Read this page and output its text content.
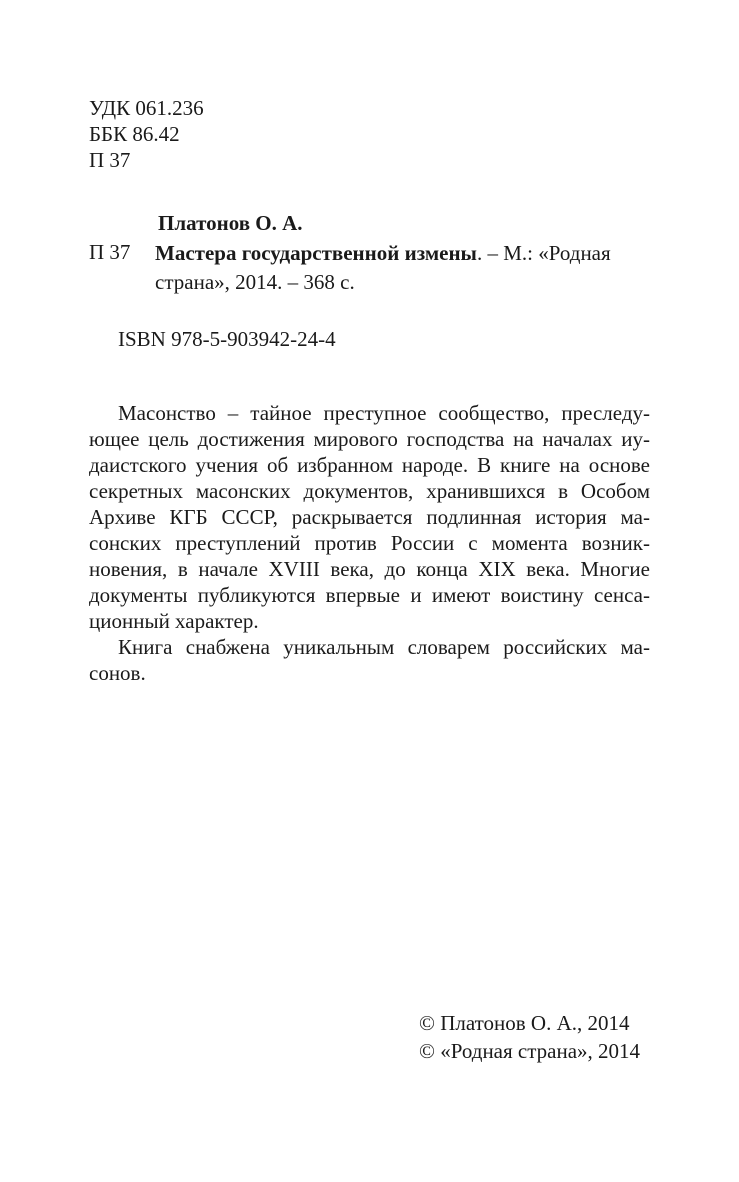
УДК 061.236
ББК 86.42
П 37
Платонов О. А.
П 37 Мастера государственной измены. – М.: «Родная
страна», 2014. – 368 с.
ISBN 978-5-903942-24-4
Масонство – тайное преступное сообщество, преследу-
ющее цель достижения мирового господства на началах иу-
даистского учения об избранном народе. В книге на основе
секретных масонских документов, хранившихся в Особом
Архиве КГБ СССР, раскрывается подлинная история ма-
сонских преступлений против России с момента возник-
новения, в начале XVIII века, до конца XIX века. Многие
документы публикуются впервые и имеют воистину сенса-
ционный характер.
Книга снабжена уникальным словарем российских ма-
сонов.
© Платонов О. А., 2014
© «Родная страна», 2014
